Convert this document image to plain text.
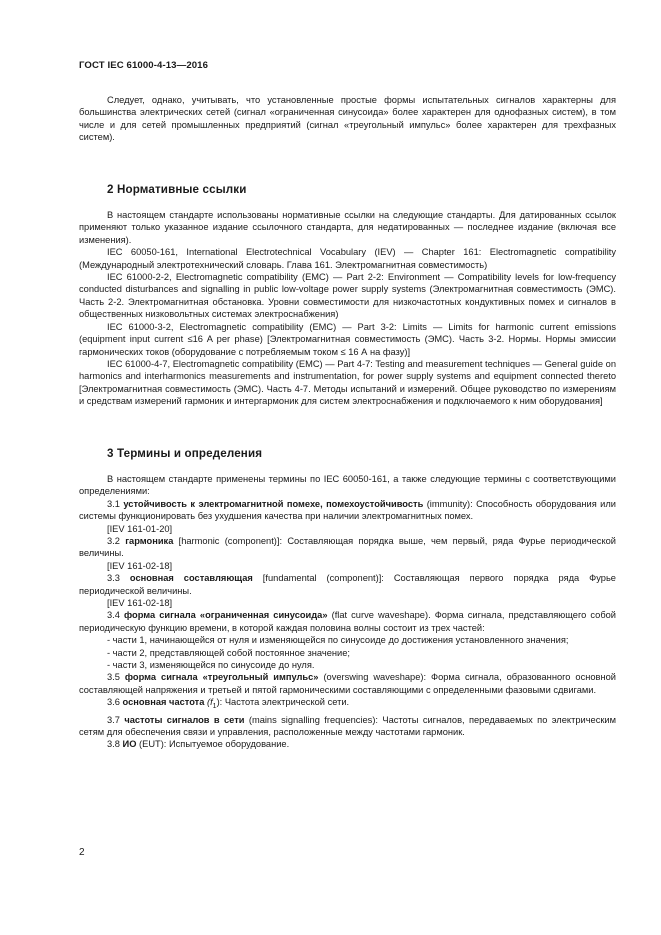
ГОСТ IEC 61000-4-13—2016

Следует, однако, учитывать, что установленные простые формы испытательных сигналов характерны для большинства электрических сетей (сигнал «ограниченная синусоида» более характерен для однофазных систем), в том числе и для сетей промышленных предприятий (сигнал «треугольный импульс» более характерен для трехфазных систем).

2 Нормативные ссылки

В настоящем стандарте использованы нормативные ссылки на следующие стандарты. Для датированных ссылок применяют только указанное издание ссылочного стандарта, для недатированных — последнее издание (включая все изменения).

IEC 60050-161, International Electrotechnical Vocabulary (IEV) — Chapter 161: Electromagnetic compatibility (Международный электротехнический словарь. Глава 161. Электромагнитная совместимость)

IEC 61000-2-2, Electromagnetic compatibility (EMC) — Part 2-2: Environment — Compatibility levels for low-frequency conducted disturbances and signalling in public low-voltage power supply systems (Электромагнитная совместимость (ЭМС). Часть 2-2. Электромагнитная обстановка. Уровни совместимости для низкочастотных кондуктивных помех и сигналов в общественных низковольтных системах электроснабжения)

IEC 61000-3-2, Electromagnetic compatibility (EMC) — Part 3-2: Limits — Limits for harmonic current emissions (equipment input current ≤16 A per phase) [Электромагнитная совместимость (ЭМС). Часть 3-2. Нормы. Нормы эмиссии гармонических токов (оборудование с потребляемым током ≤ 16 А на фазу)]

IEC 61000-4-7, Electromagnetic compatibility (EMC) — Part 4-7: Testing and measurement techniques — General guide on harmonics and interharmonics measurements and instrumentation, for power supply systems and equipment connected thereto [Электромагнитная совместимость (ЭМС). Часть 4-7. Методы испытаний и измерений. Общее руководство по измерениям и средствам измерений гармоник и интергармоник для систем электроснабжения и подключаемого к ним оборудования]

3 Термины и определения

В настоящем стандарте применены термины по IEC 60050-161, а также следующие термины с соответствующими определениями:

3.1 устойчивость к электромагнитной помехе, помехоустойчивость (immunity): Способность оборудования или системы функционировать без ухудшения качества при наличии электромагнитных помех.

[IEV 161-01-20]

3.2 гармоника [harmonic (component)]: Составляющая порядка выше, чем первый, ряда Фурье периодической величины.

[IEV 161-02-18]

3.3 основная составляющая [fundamental (component)]: Составляющая первого порядка ряда Фурье периодической величины.

[IEV 161-02-18]

3.4 форма сигнала «ограниченная синусоида» (flat curve waveshape). Форма сигнала, представляющего собой периодическую функцию времени, в которой каждая половина волны состоит из трех частей:

- части 1, начинающейся от нуля и изменяющейся по синусоиде до достижения установленного значения;

- части 2, представляющей собой постоянное значение;

- части 3, изменяющейся по синусоиде до нуля.

3.5 форма сигнала «треугольный импульс» (overswing waveshape): Форма сигнала, образованного основной составляющей напряжения и третьей и пятой гармоническими составляющими с определенными фазовыми сдвигами.

3.6 основная частота $(f_1)$: Частота электрической сети.

3.7 частоты сигналов в сети (mains signalling frequencies): Частоты сигналов, передаваемых по электрическим сетям для обеспечения связи и управления, расположенные между частотами гармоник.

3.8 ИО (EUT): Испытуемое оборудование.

2
